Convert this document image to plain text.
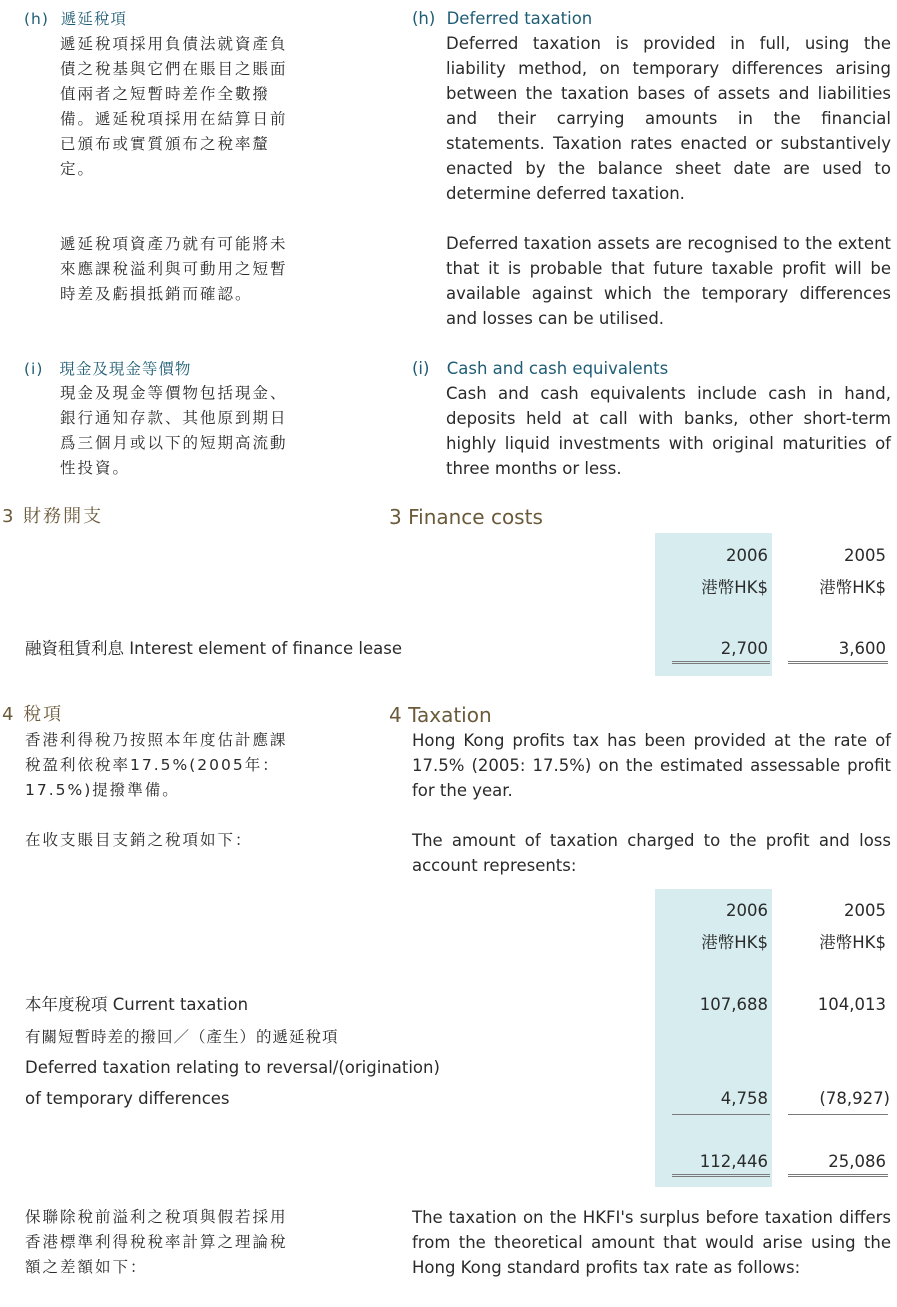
(h) 遞延稅項

遞延稅項採用負債法就資產負債之稅基與它們在賬目之賬面值兩者之短暫時差作全數撥備。遞延稅項採用在結算日前已頒布或實質頒布之稅率釐定。

遞延稅項資產乃就有可能將未來應課稅溢利與可動用之短暫時差及虧損抵銷而確認。

(h) Deferred taxation

Deferred taxation is provided in full, using the liability method, on temporary differences arising between the taxation bases of assets and liabilities and their carrying amounts in the financial statements. Taxation rates enacted or substantively enacted by the balance sheet date are used to determine deferred taxation.

Deferred taxation assets are recognised to the extent that it is probable that future taxable profit will be available against which the temporary differences and losses can be utilised.

(i) 現金及現金等價物

現金及現金等價物包括現金、銀行通知存款、其他原到期日爲三個月或以下的短期高流動性投資。

(i) Cash and cash equivalents

Cash and cash equivalents include cash in hand, deposits held at call with banks, other short-term highly liquid investments with original maturities of three months or less.

3 財務開支	3 Finance costs
2006	2005
港幣HK$	港幣HK$
融資租賃利息 Interest element of finance lease	2,700	3,600
4 稅項	4 Taxation

香港利得稅乃按照本年度估計應課稅盈利依稅率17.5%(2005年：17.5%)提撥準備。

Hong Kong profits tax has been provided at the rate of 17.5% (2005: 17.5%) on the estimated assessable profit for the year.

在收支賬目支銷之稅項如下：	The amount of taxation charged to the profit and loss account represents:

2006	2005
港幣HK$	港幣HK$
本年度稅項 Current taxation	107,688	104,013
有關短暫時差的撥回／（產生）的遞延稅項
Deferred taxation relating to reversal/(origination)
of temporary differences	4,758	(78,927)
112,446	25,086

保聯除稅前溢利之稅項與假若採用香港標準利得稅稅率計算之理論稅額之差額如下：

The taxation on the HKFI's surplus before taxation differs from the theoretical amount that would arise using the Hong Kong standard profits tax rate as follows:
